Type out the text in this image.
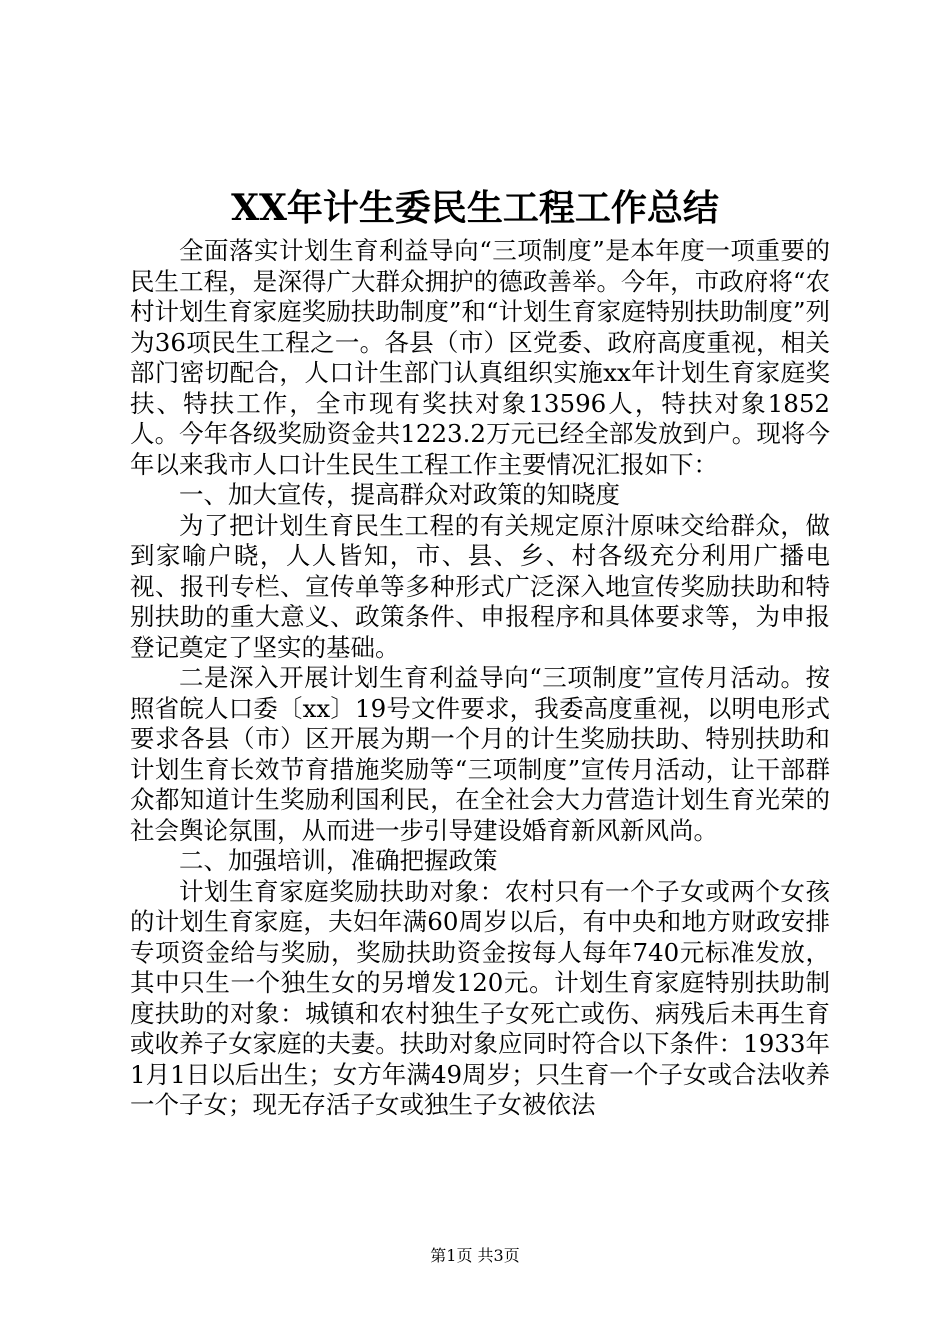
XX年计生委民生工程工作总结

全面落实计划生育利益导向“三项制度”是本年度一项重要的民生工程，是深得广大群众拥护的德政善举。今年，市政府将“农村计划生育家庭奖励扶助制度”和“计划生育家庭特别扶助制度”列为36项民生工程之一。各县（市）区党委、政府高度重视，相关部门密切配合，人口计生部门认真组织实施xx年计划生育家庭奖扶、特扶工作，全市现有奖扶对象13596人，特扶对象1852人。今年各级奖励资金共1223.2万元已经全部发放到户。现将今年以来我市人口计生民生工程工作主要情况汇报如下：

一、加大宣传，提高群众对政策的知晓度

为了把计划生育民生工程的有关规定原汁原味交给群众，做到家喻户晓，人人皆知，市、县、乡、村各级充分利用广播电视、报刊专栏、宣传单等多种形式广泛深入地宣传奖励扶助和特别扶助的重大意义、政策条件、申报程序和具体要求等，为申报登记奠定了坚实的基础。

二是深入开展计划生育利益导向“三项制度”宣传月活动。按照省皖人口委〔xx〕19号文件要求，我委高度重视，以明电形式要求各县（市）区开展为期一个月的计生奖励扶助、特别扶助和计划生育长效节育措施奖励等“三项制度”宣传月活动，让干部群众都知道计生奖励利国利民，在全社会大力营造计划生育光荣的社会舆论氛围，从而进一步引导建设婚育新风新风尚。

二、加强培训，准确把握政策

计划生育家庭奖励扶助对象：农村只有一个子女或两个女孩的计划生育家庭，夫妇年满60周岁以后，有中央和地方财政安排专项资金给与奖励，奖励扶助资金按每人每年740元标准发放，其中只生一个独生女的另增发120元。计划生育家庭特别扶助制度扶助的对象：城镇和农村独生子女死亡或伤、病残后未再生育或收养子女家庭的夫妻。扶助对象应同时符合以下条件：1933年1月1日以后出生；女方年满49周岁；只生育一个子女或合法收养一个子女；现无存活子女或独生子女被依法

第1页 共3页
